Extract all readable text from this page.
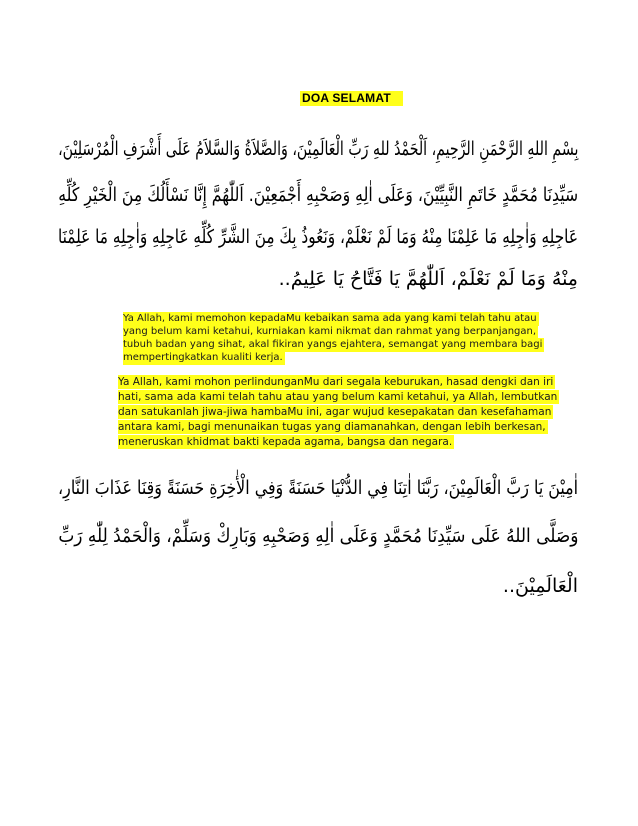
DOA SELAMAT
بِسْمِ اللهِ الرَّحْمَنِ الرَّحِيمِ، اَلْحَمْدُ للهِ رَبِّ الْعَالَمِيْنَ، وَالصَّلاَةُ وَالسَّلاَمُ عَلَى أَشْرَفِ الْمُرْسَلِيْنَ،
سَيِّدِنَا مُحَمَّدٍ خَاتَمِ النَّبِيِّيْنَ، وَعَلَى اٰلِهِ وَصَحْبِهِ أَجْمَعِيْنَ. اَللّٰهُمَّ إِنَّا نَسْأَلُكَ مِنَ الْخَيْرِ كُلِّهِ
عَاجِلِهِ وَاٰجِلِهِ مَا عَلِمْنَا مِنْهُ وَمَا لَمْ نَعْلَمْ، وَنَعُوذُ بِكَ مِنَ الشَّرِّ كُلِّهِ عَاجِلِهِ وَاٰجِلِهِ مَا عَلِمْنَا
مِنْهُ وَمَا لَمْ نَعْلَمْ، اَللّٰهُمَّ يَا فَتَّاحُ يَا عَلِيمُ..
Ya Allah, kami memohon kepadaMu kebaikan sama ada yang kami telah tahu atau
yang belum kami ketahui, kurniakan kami nikmat dan rahmat yang berpanjangan,
tubuh badan yang sihat, akal fikiran yangs ejahtera, semangat yang membara bagi
mempertingkatkan kualiti kerja.
Ya Allah, kami mohon perlindunganMu dari segala keburukan, hasad dengki dan iri
hati, sama ada kami telah tahu atau yang belum kami ketahui, ya Allah, lembutkan
dan satukanlah jiwa-jiwa hambaMu ini, agar wujud kesepakatan dan kesefahaman
antara kami, bagi menunaikan tugas yang diamanahkan, dengan lebih berkesan,
meneruskan khidmat bakti kepada agama, bangsa dan negara.
اٰمِيْنَ يَا رَبَّ الْعَالَمِيْنَ، رَبَّنَا اٰتِنَا فِي الدُّنْيَا حَسَنَةً وَفِي الْأٰخِرَةِ حَسَنَةً وَقِنَا عَذَابَ النَّارِ،
وَصَلَّى اللهُ عَلَى سَيِّدِنَا مُحَمَّدٍ وَعَلَى اٰلِهِ وَصَحْبِهِ وَبَارِكْ وَسَلِّمْ، وَالْحَمْدُ لِلّٰهِ رَبِّ
الْعَالَمِيْنَ..
